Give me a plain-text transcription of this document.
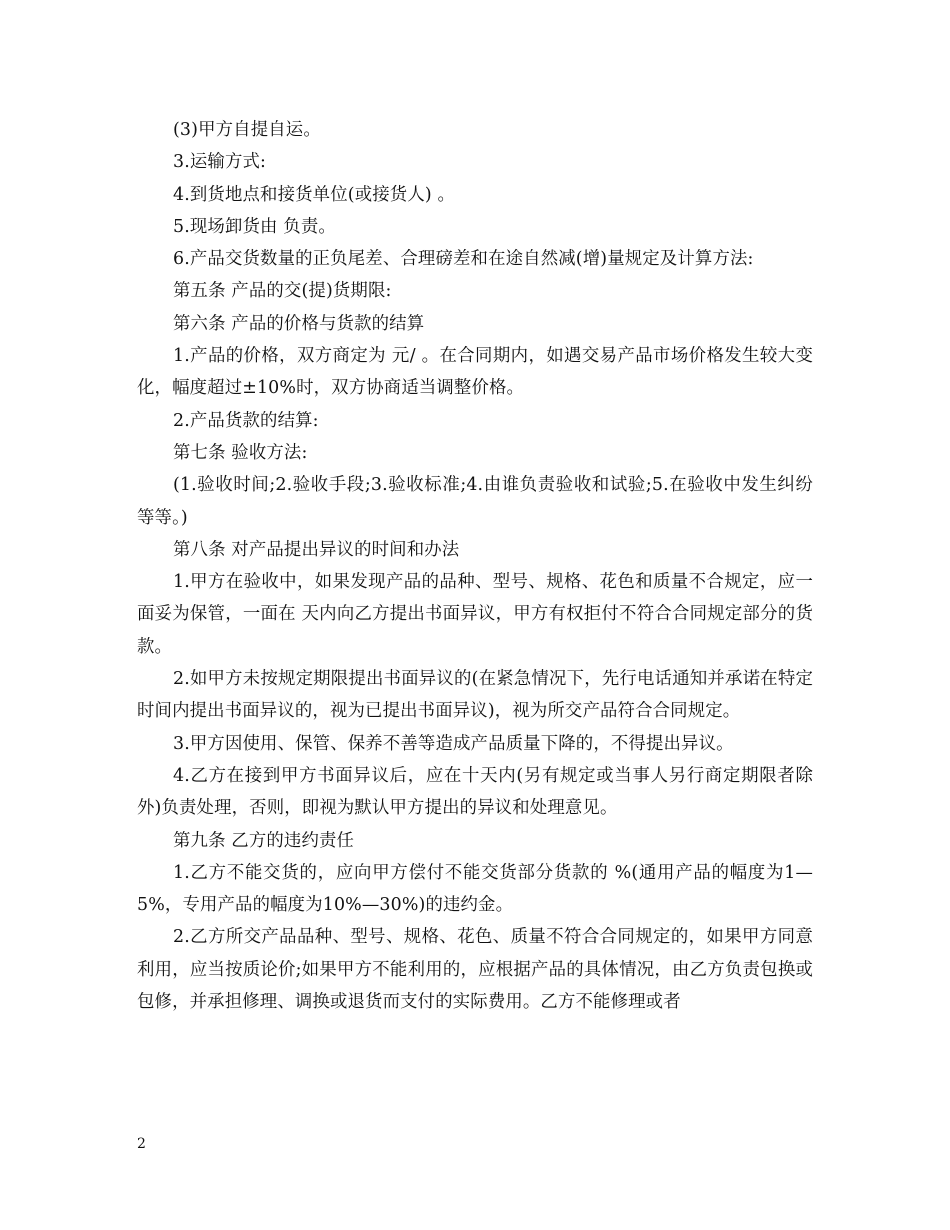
(3)甲方自提自运。

3.运输方式:

4.到货地点和接货单位(或接货人) 。

5.现场卸货由 负责。

6.产品交货数量的正负尾差、合理磅差和在途自然减(增)量规定及计算方法:

第五条 产品的交(提)货期限:

第六条 产品的价格与货款的结算

1.产品的价格，双方商定为 元/ 。在合同期内，如遇交易产品市场价格发生较大变化，幅度超过±10%时，双方协商适当调整价格。

2.产品货款的结算:

第七条 验收方法:

(1.验收时间;2.验收手段;3.验收标准;4.由谁负责验收和试验;5.在验收中发生纠纷等等。)

第八条 对产品提出异议的时间和办法

1.甲方在验收中，如果发现产品的品种、型号、规格、花色和质量不合规定，应一面妥为保管，一面在 天内向乙方提出书面异议，甲方有权拒付不符合合同规定部分的货款。

2.如甲方未按规定期限提出书面异议的(在紧急情况下，先行电话通知并承诺在特定时间内提出书面异议的，视为已提出书面异议)，视为所交产品符合合同规定。

3.甲方因使用、保管、保养不善等造成产品质量下降的，不得提出异议。

4.乙方在接到甲方书面异议后，应在十天内(另有规定或当事人另行商定期限者除外)负责处理，否则，即视为默认甲方提出的异议和处理意见。

第九条 乙方的违约责任

1.乙方不能交货的，应向甲方偿付不能交货部分货款的 %(通用产品的幅度为1—5%，专用产品的幅度为10%—30%)的违约金。

2.乙方所交产品品种、型号、规格、花色、质量不符合合同规定的，如果甲方同意利用，应当按质论价;如果甲方不能利用的，应根据产品的具体情况，由乙方负责包换或包修，并承担修理、调换或退货而支付的实际费用。乙方不能修理或者

2
